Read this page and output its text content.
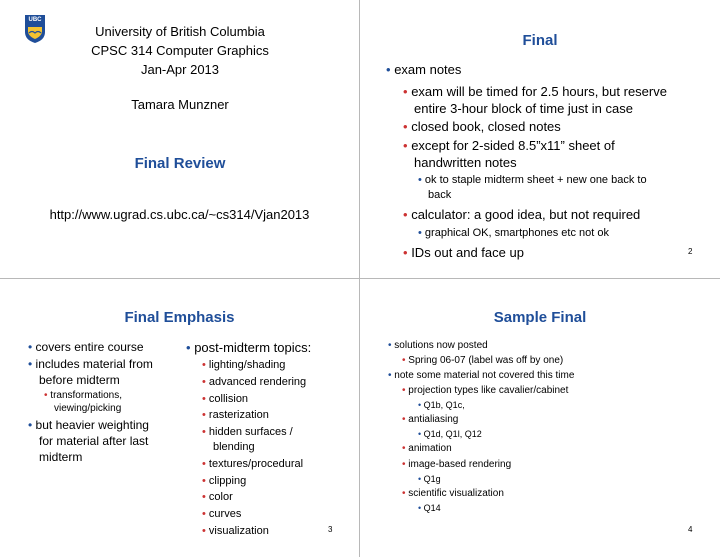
UBC
University of British Columbia
CPSC 314 Computer Graphics
Jan-Apr 2013
Tamara Munzner
Final Review
http://www.ugrad.cs.ubc.ca/~cs314/Vjan2013
Final
• exam notes
• exam will be timed for 2.5 hours, but reserve
entire 3-hour block of time just in case
• closed book, closed notes
• except for 2-sided 8.5”x11” sheet of
handwritten notes
• ok to staple midterm sheet + new one back to
back
• calculator: a good idea, but not required
• graphical OK, smartphones etc not ok
• IDs out and face up	2
Final Emphasis
• covers entire course
• includes material from
before midterm
• transformations,
viewing/picking
• but heavier weighting
for material after last
midterm
• post-midterm topics:
• lighting/shading
• advanced rendering
• collision
• rasterization
• hidden surfaces /
blending
• textures/procedural
• clipping
• color
• curves
• visualization	3
Sample Final
• solutions now posted
• Spring 06-07 (label was off by one)
• note some material not covered this time
• projection types like cavalier/cabinet
• Q1b, Q1c,
• antialiasing
• Q1d, Q1l, Q12
• animation
• image-based rendering
• Q1g
• scientific visualization
• Q14
4
